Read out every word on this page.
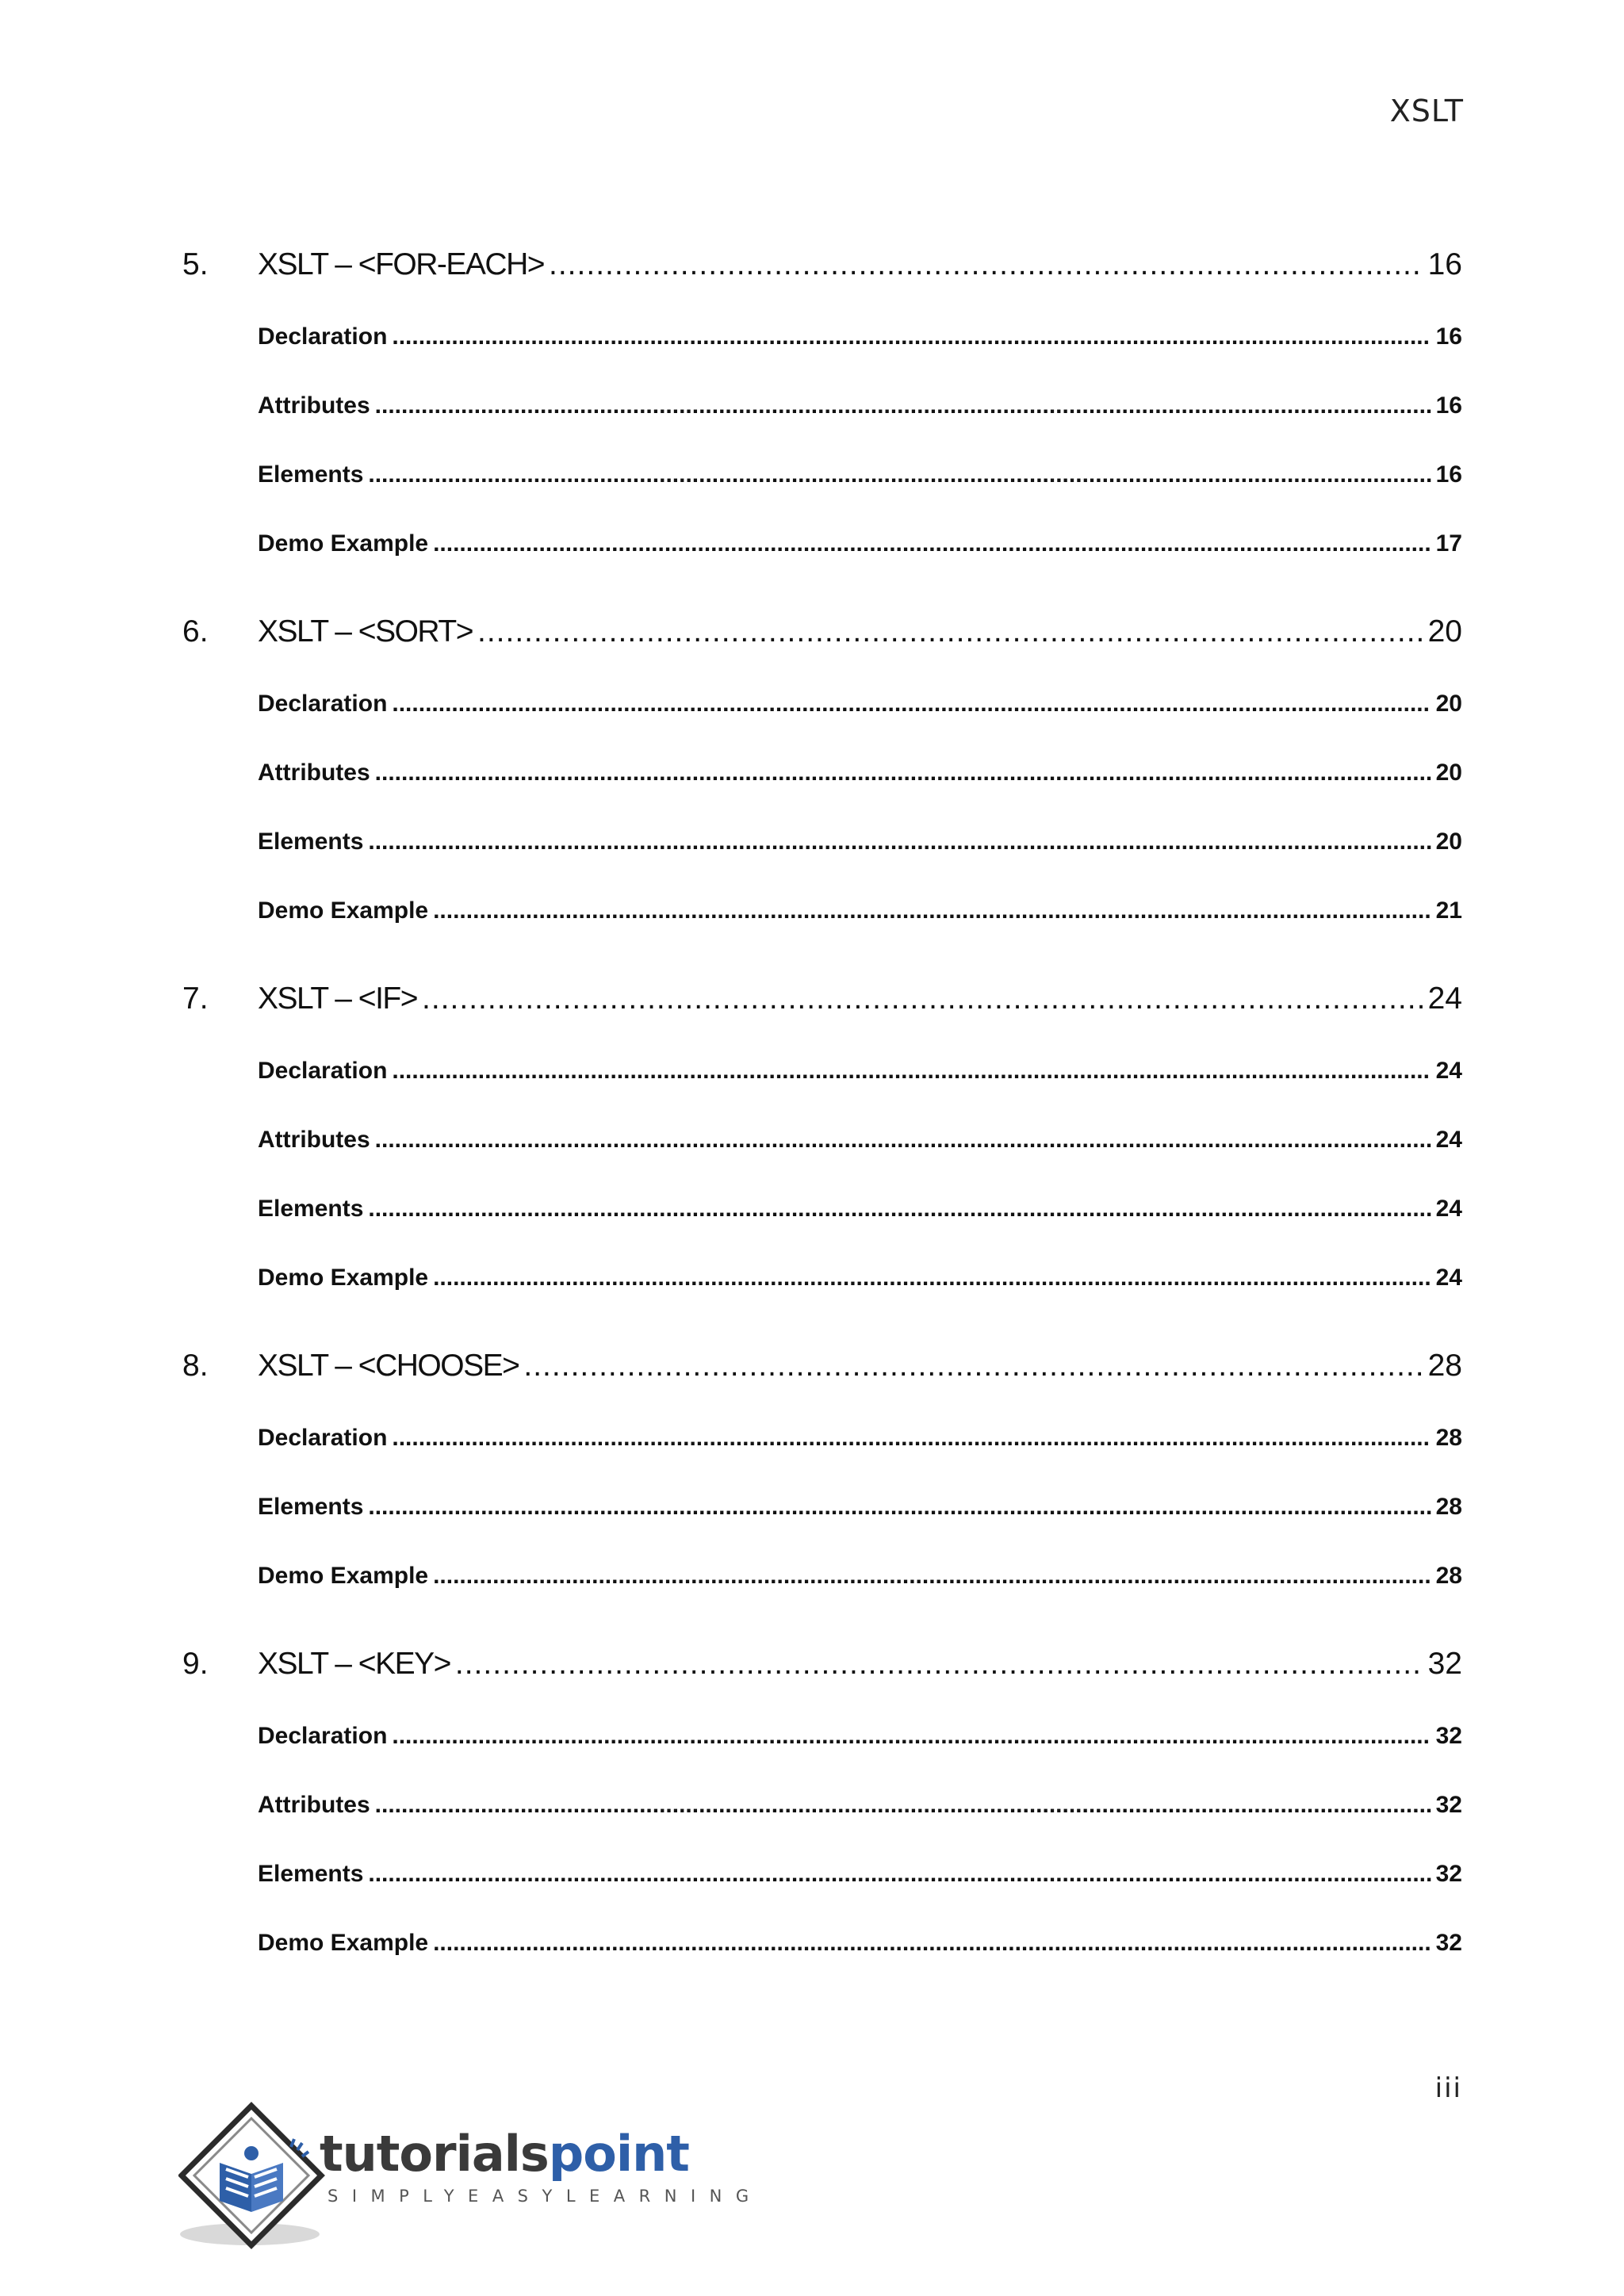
XSLT
5.	XSLT – <FOR-EACH> .....	16
Declaration .....	16
Attributes .....	16
Elements .....	16
Demo Example .....	17
6.	XSLT – <SORT> .....	20
Declaration .....	20
Attributes .....	20
Elements .....	20
Demo Example .....	21
7.	XSLT – <IF> .....	24
Declaration .....	24
Attributes .....	24
Elements .....	24
Demo Example .....	24
8.	XSLT – <CHOOSE> .....	28
Declaration .....	28
Elements .....	28
Demo Example .....	28
9.	XSLT – <KEY> .....	32
Declaration .....	32
Attributes .....	32
Elements .....	32
Demo Example .....	32
iii
tutorialspoint
SIMPLYEASYLEARNING
